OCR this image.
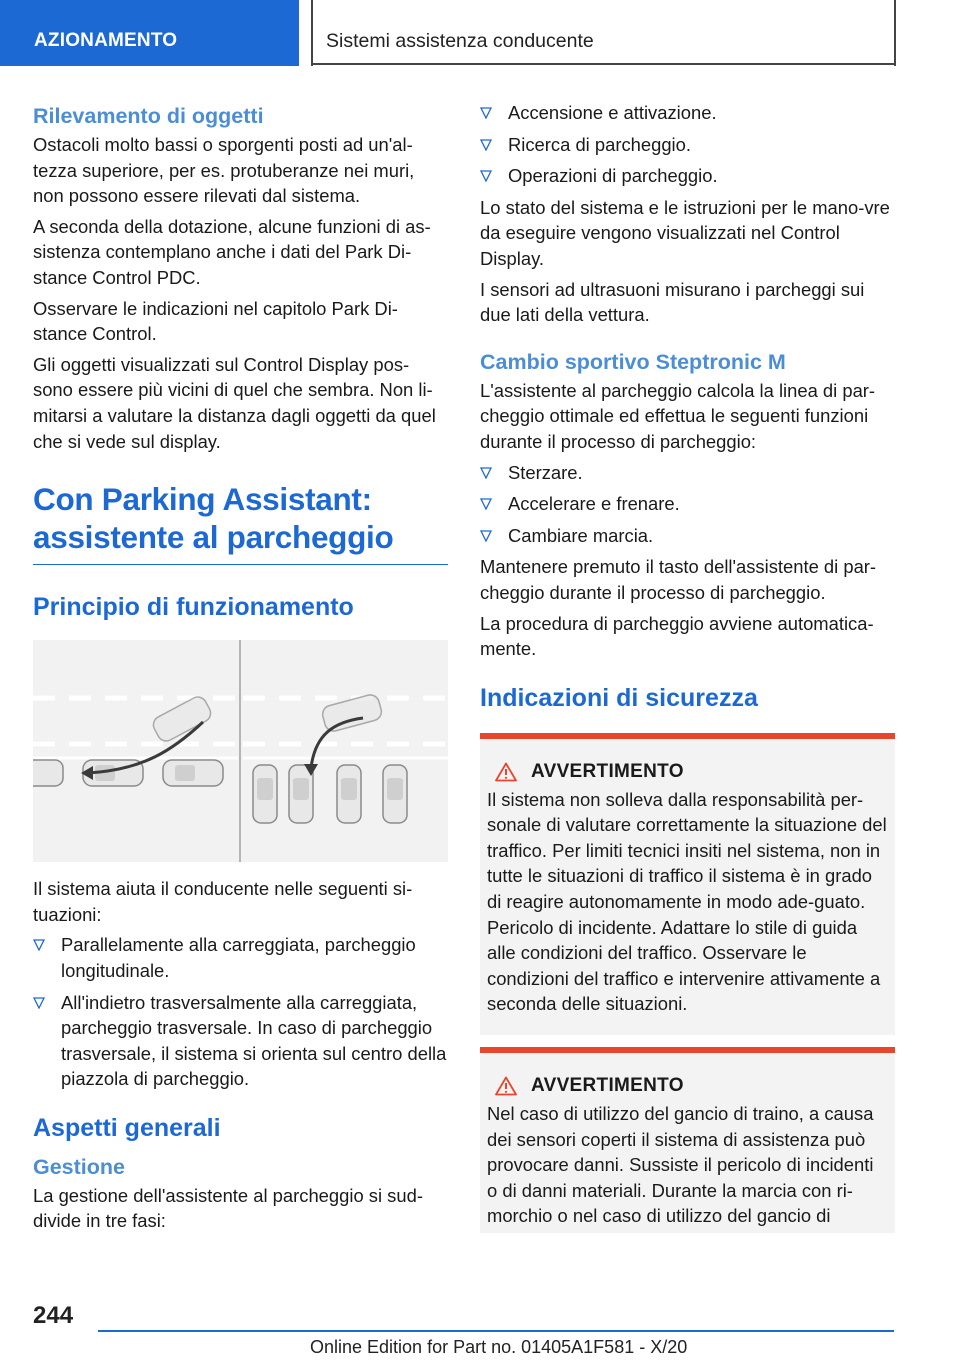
AZIONAMENTO	Sistemi assistenza conducente
Rilevamento di oggetti

Ostacoli molto bassi o sporgenti posti ad un'al-tezza superiore, per es. protuberanze nei muri, non possono essere rilevati dal sistema.

A seconda della dotazione, alcune funzioni di as-sistenza contemplano anche i dati del Park Di-stance Control PDC.

Osservare le indicazioni nel capitolo Park Di-stance Control.

Gli oggetti visualizzati sul Control Display pos-sono essere più vicini di quel che sembra. Non li-mitarsi a valutare la distanza dagli oggetti da quel che si vede sul display.

Con Parking Assistant:
assistente al parcheggio
Principio di funzionamento

Il sistema aiuta il conducente nelle seguenti si-tuazioni:

Parallelamente alla carreggiata, parcheggio longitudinale.
All'indietro trasversalmente alla carreggiata, parcheggio trasversale. In caso di parcheggio trasversale, il sistema si orienta sul centro della piazzola di parcheggio.
Aspetti generali
Gestione

La gestione dell'assistente al parcheggio si sud-divide in tre fasi:

Accensione e attivazione.
Ricerca di parcheggio.
Operazioni di parcheggio.

Lo stato del sistema e le istruzioni per le mano-vre da eseguire vengono visualizzati nel Control Display.

I sensori ad ultrasuoni misurano i parcheggi sui due lati della vettura.

Cambio sportivo Steptronic M

L'assistente al parcheggio calcola la linea di par-cheggio ottimale ed effettua le seguenti funzioni durante il processo di parcheggio:

Sterzare.
Accelerare e frenare.
Cambiare marcia.

Mantenere premuto il tasto dell'assistente di par-cheggio durante il processo di parcheggio.

La procedura di parcheggio avviene automatica-mente.

Indicazioni di sicurezza
AVVERTIMENTO

Il sistema non solleva dalla responsabilità per-sonale di valutare correttamente la situazione del traffico. Per limiti tecnici insiti nel sistema, non in tutte le situazioni di traffico il sistema è in grado di reagire autonomamente in modo ade-guato. Pericolo di incidente. Adattare lo stile di guida alle condizioni del traffico. Osservare le condizioni del traffico e intervenire attivamente a seconda delle situazioni.

AVVERTIMENTO

Nel caso di utilizzo del gancio di traino, a causa dei sensori coperti il sistema di assistenza può provocare danni. Sussiste il pericolo di incidenti o di danni materiali. Durante la marcia con ri-morchio o nel caso di utilizzo del gancio di

244
Online Edition for Part no. 01405A1F581 - X/20
